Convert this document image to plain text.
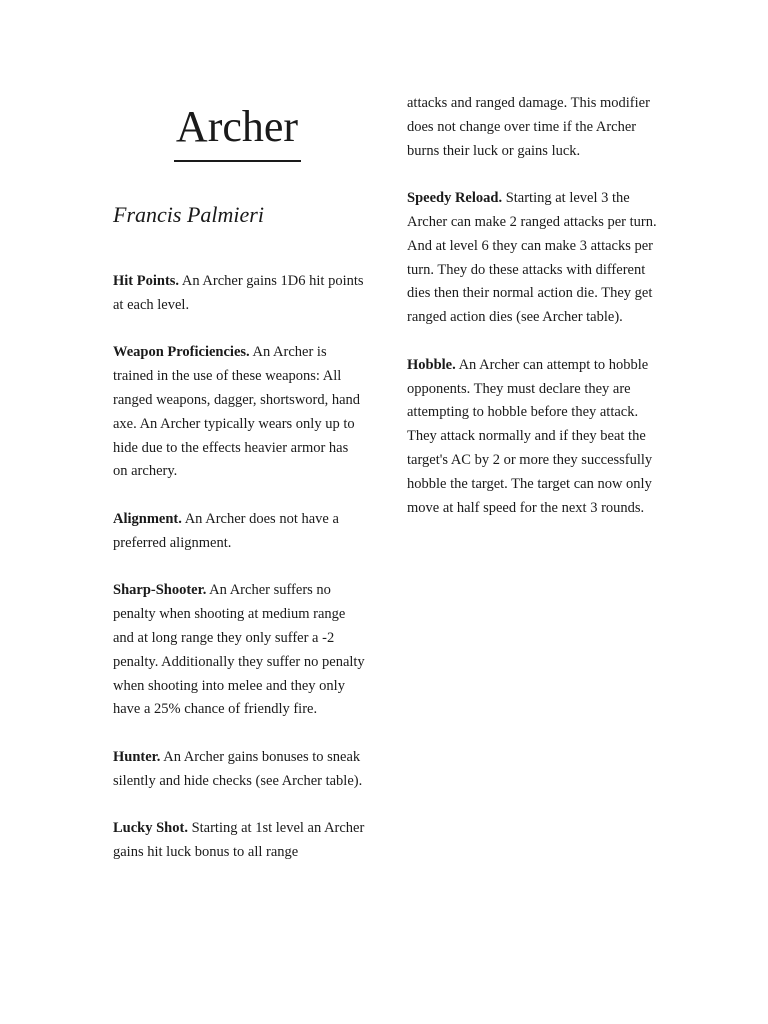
Archer

Francis Palmieri

Hit Points. An Archer gains 1D6 hit points at each level.

Weapon Proficiencies. An Archer is trained in the use of these weapons: All ranged weapons, dagger, shortsword, hand axe. An Archer typically wears only up to hide due to the effects heavier armor has on archery.

Alignment. An Archer does not have a preferred alignment.

Sharp-Shooter. An Archer suffers no penalty when shooting at medium range and at long range they only suffer a -2 penalty. Additionally they suffer no penalty when shooting into melee and they only have a 25% chance of friendly fire.

Hunter. An Archer gains bonuses to sneak silently and hide checks (see Archer table).

Lucky Shot. Starting at 1st level an Archer gains hit luck bonus to all range

attacks and ranged damage. This modifier does not change over time if the Archer burns their luck or gains luck.

Speedy Reload. Starting at level 3 the Archer can make 2 ranged attacks per turn. And at level 6 they can make 3 attacks per turn. They do these attacks with different dies then their normal action die. They get ranged action dies (see Archer table).

Hobble. An Archer can attempt to hobble opponents. They must declare they are attempting to hobble before they attack. They attack normally and if they beat the target's AC by 2 or more they successfully hobble the target. The target can now only move at half speed for the next 3 rounds.
